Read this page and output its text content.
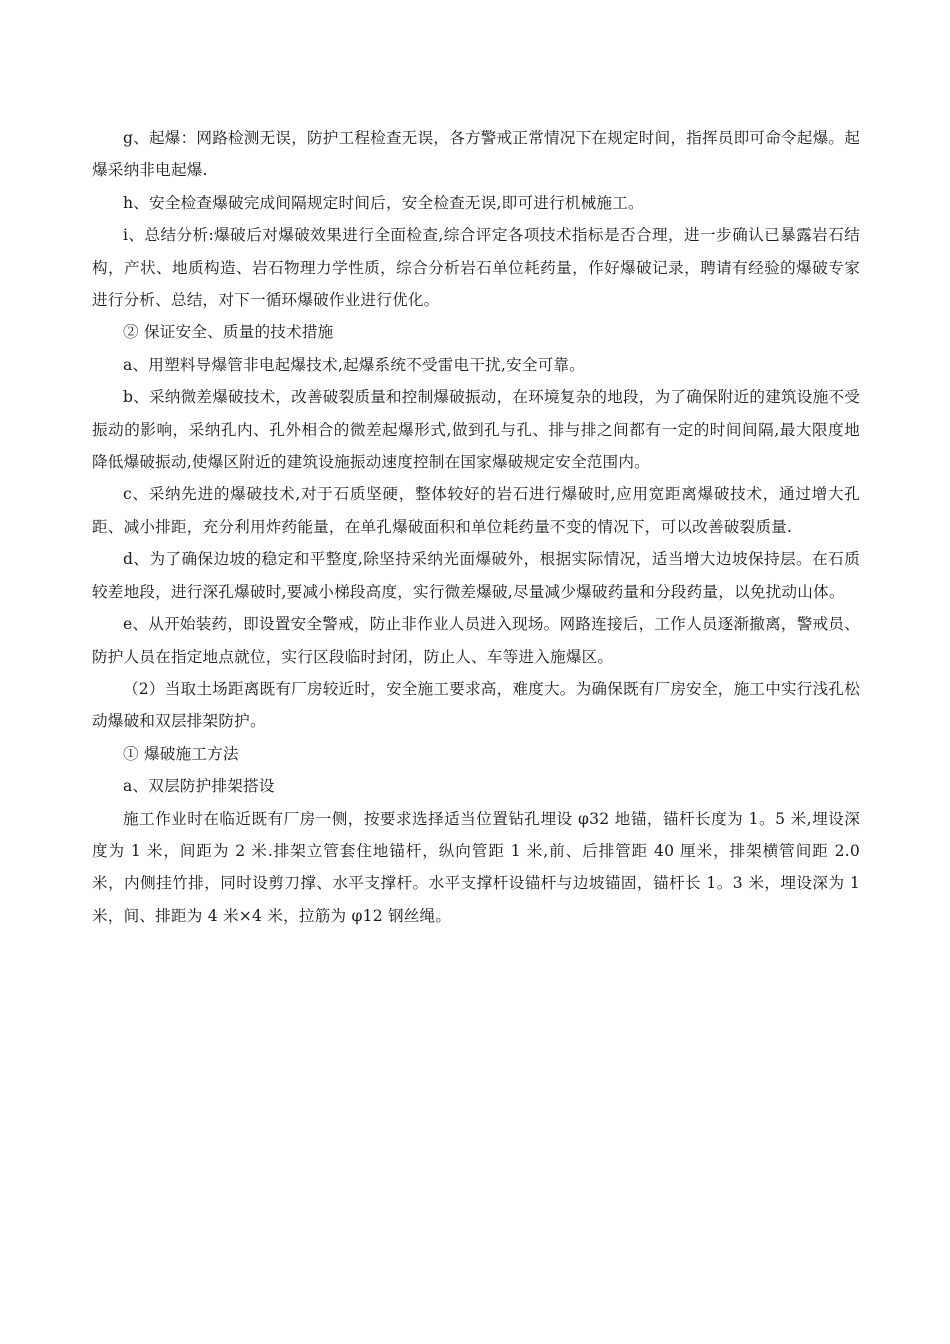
g、起爆：网路检测无误，防护工程检查无误，各方警戒正常情况下在规定时间，指挥员即可命令起爆。起爆采纳非电起爆.

h、安全检查爆破完成间隔规定时间后，安全检查无误,即可进行机械施工。

i、总结分析:爆破后对爆破效果进行全面检查,综合评定各项技术指标是否合理，进一步确认已暴露岩石结构，产状、地质构造、岩石物理力学性质，综合分析岩石单位耗药量，作好爆破记录，聘请有经验的爆破专家进行分析、总结，对下一循环爆破作业进行优化。

② 保证安全、质量的技术措施

a、用塑料导爆管非电起爆技术,起爆系统不受雷电干扰,安全可靠。

b、采纳微差爆破技术，改善破裂质量和控制爆破振动，在环境复杂的地段，为了确保附近的建筑设施不受振动的影响，采纳孔内、孔外相合的微差起爆形式,做到孔与孔、排与排之间都有一定的时间间隔,最大限度地降低爆破振动,使爆区附近的建筑设施振动速度控制在国家爆破规定安全范围内。

c、采纳先进的爆破技术,对于石质坚硬，整体较好的岩石进行爆破时,应用宽距离爆破技术，通过增大孔距、减小排距，充分利用炸药能量，在单孔爆破面积和单位耗药量不变的情况下，可以改善破裂质量.

d、为了确保边坡的稳定和平整度,除坚持采纳光面爆破外，根据实际情况，适当增大边坡保持层。在石质较差地段，进行深孔爆破时,要减小梯段高度，实行微差爆破,尽量减少爆破药量和分段药量，以免扰动山体。

e、从开始装药，即设置安全警戒，防止非作业人员进入现场。网路连接后，工作人员逐渐撤离，警戒员、防护人员在指定地点就位，实行区段临时封闭，防止人、车等进入施爆区。

（2）当取土场距离既有厂房较近时，安全施工要求高，难度大。为确保既有厂房安全，施工中实行浅孔松动爆破和双层排架防护。

① 爆破施工方法

a、双层防护排架搭设

施工作业时在临近既有厂房一侧，按要求选择适当位置钻孔埋设 φ32 地锚，锚杆长度为 1。5 米,埋设深度为 1 米，间距为 2 米.排架立管套住地锚杆，纵向管距 1 米,前、后排管距 40 厘米，排架横管间距 2.0 米，内侧挂竹排，同时设剪刀撑、水平支撑杆。水平支撑杆设锚杆与边坡锚固，锚杆长 1。3 米，埋设深为 1 米，间、排距为 4 米×4 米，拉筋为 φ12 钢丝绳。
